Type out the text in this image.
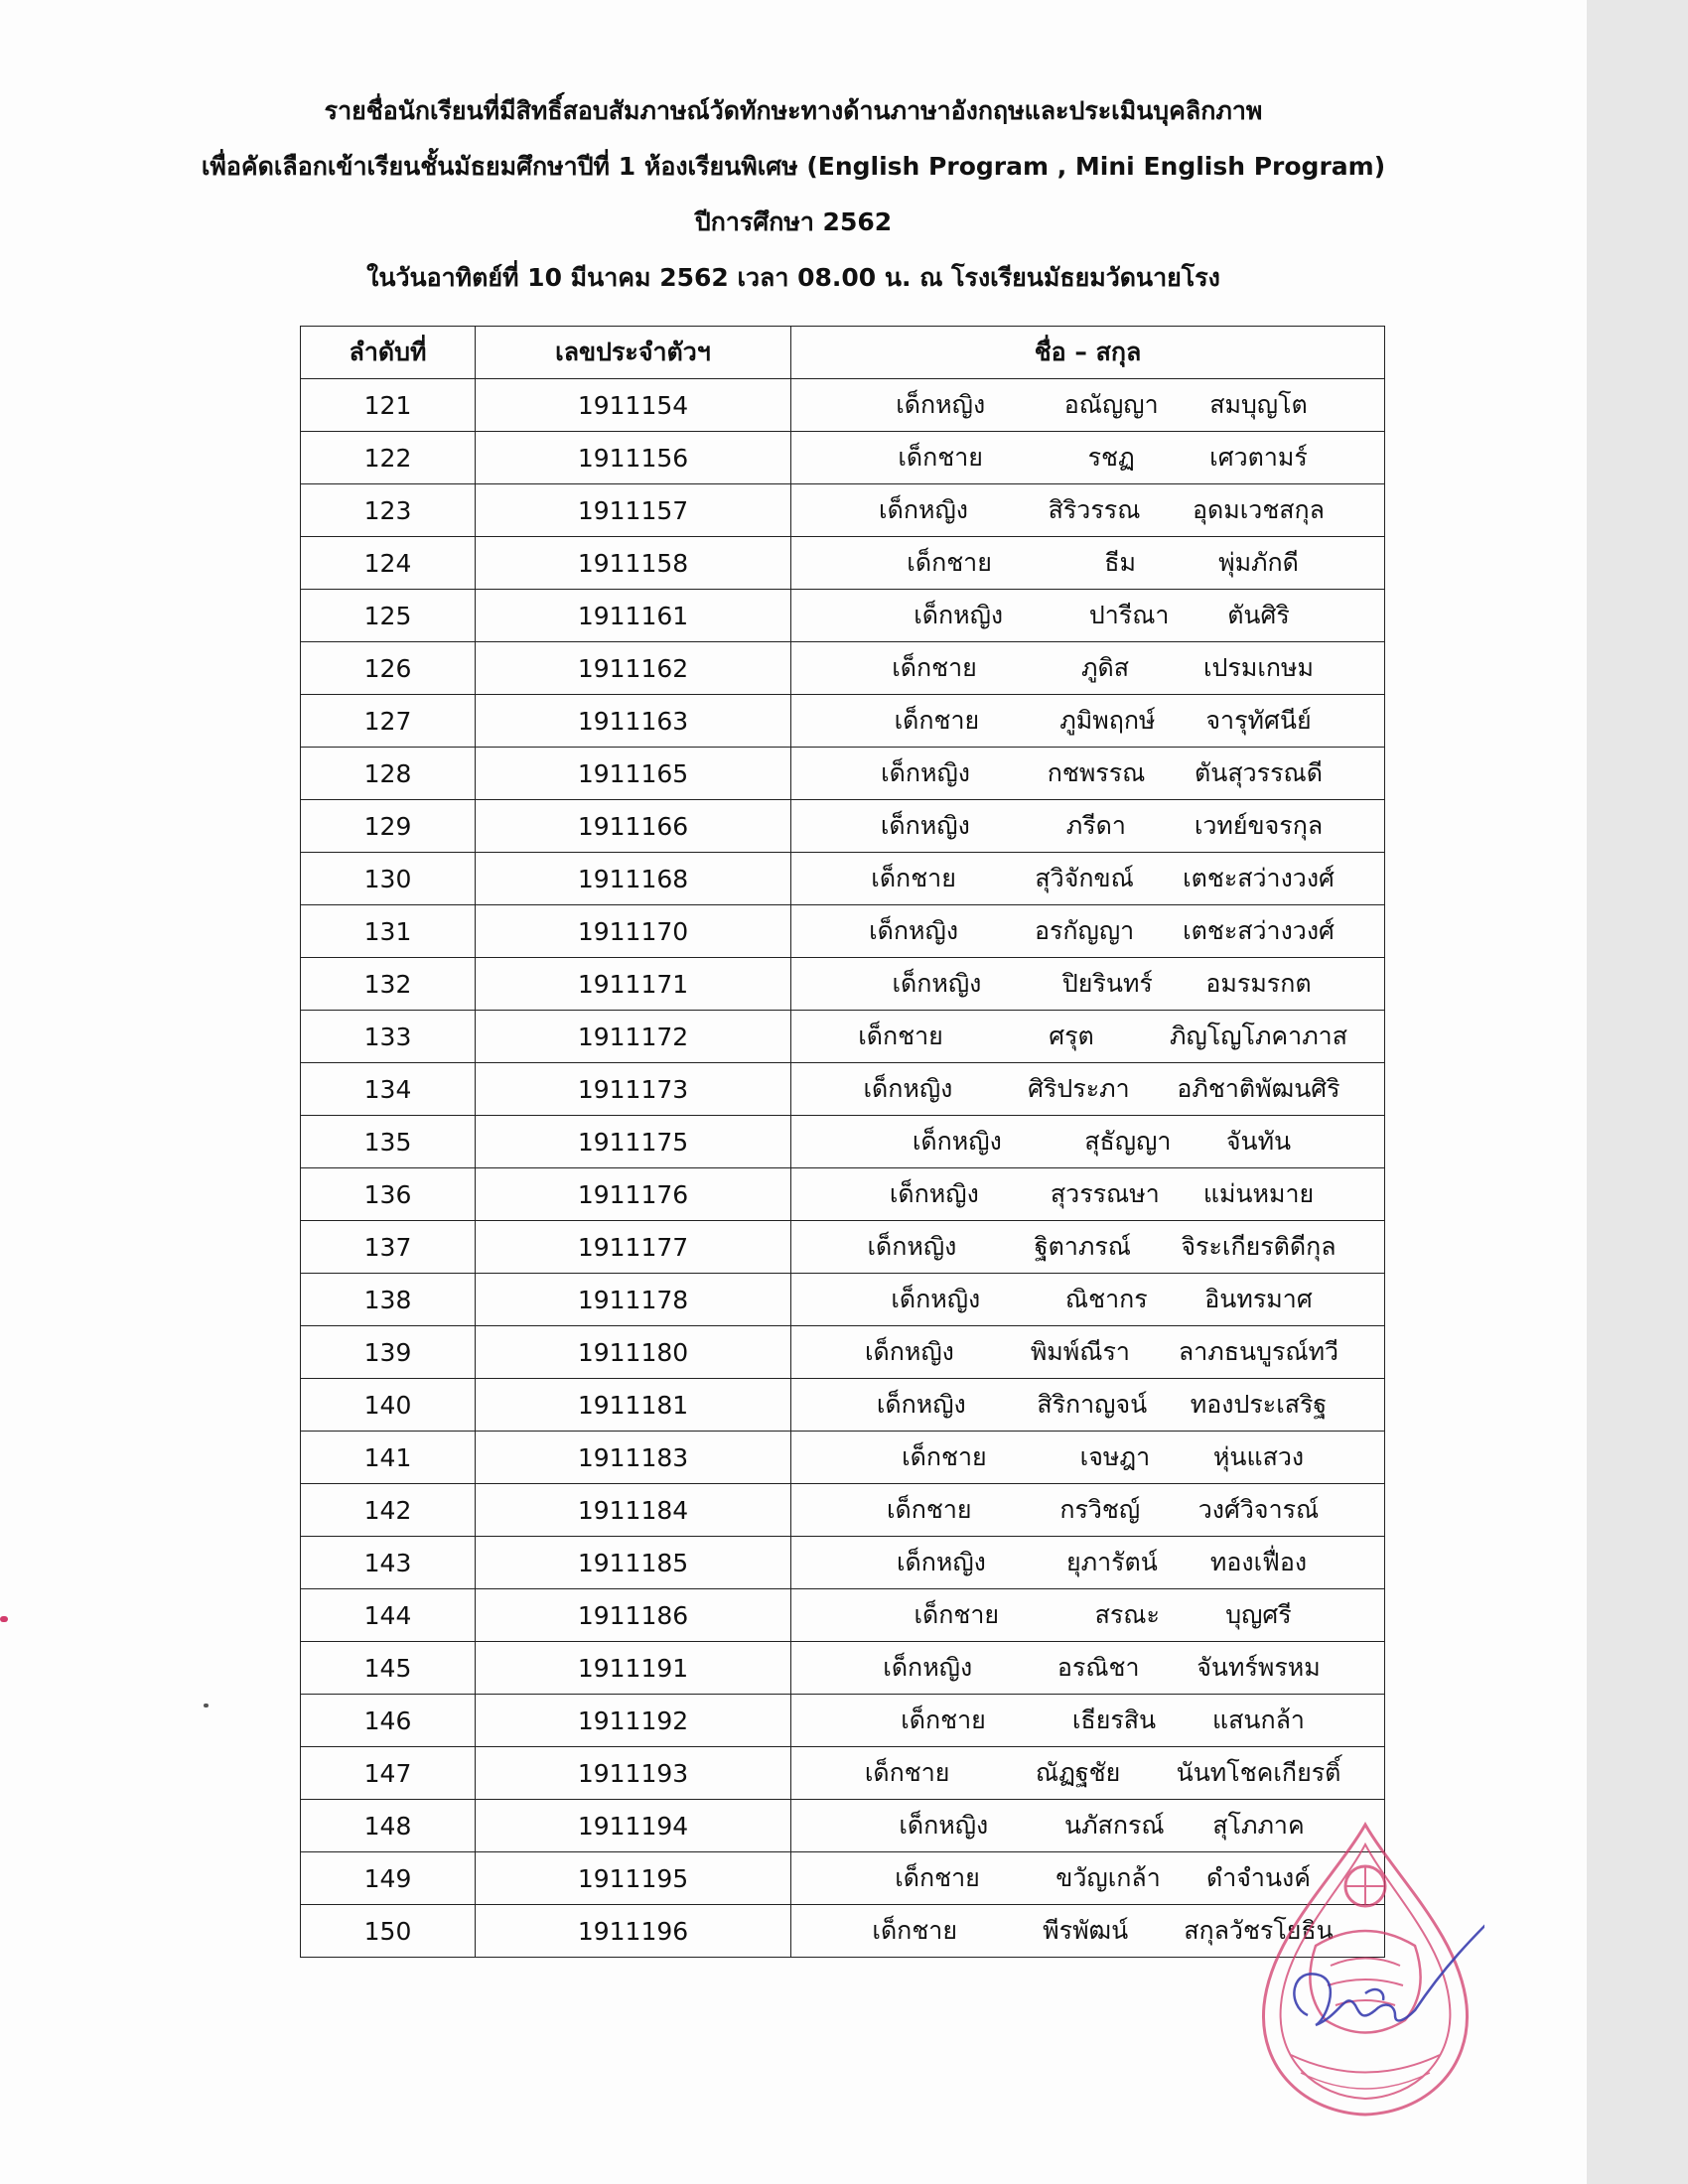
รายชื่อนักเรียนที่มีสิทธิ์สอบสัมภาษณ์วัดทักษะทางด้านภาษาอังกฤษและประเมินบุคลิกภาพ
เพื่อคัดเลือกเข้าเรียนชั้นมัธยมศึกษาปีที่ 1 ห้องเรียนพิเศษ (English Program , Mini English Program)
ปีการศึกษา 2562
ในวันอาทิตย์ที่ 10 มีนาคม 2562 เวลา 08.00 น. ณ โรงเรียนมัธยมวัดนายโรง
ลำดับที่	เลขประจำตัวฯ	ชื่อ – สกุล
121	1911154	เด็กหญิง อณัญญา สมบุญโต
122	1911156	เด็กชาย รชฏ เศวตามร์
123	1911157	เด็กหญิง สิริวรรณ อุดมเวชสกุล
124	1911158	เด็กชาย ธีม พุ่มภักดี
125	1911161	เด็กหญิง ปารีณา ตันศิริ
126	1911162	เด็กชาย ภูดิส เปรมเกษม
127	1911163	เด็กชาย ภูมิพฤกษ์ จารุทัศนีย์
128	1911165	เด็กหญิง กชพรรณ ตันสุวรรณดี
129	1911166	เด็กหญิง ภรีดา เวทย์ขจรกุล
130	1911168	เด็กชาย สุวิจักขณ์ เตชะสว่างวงศ์
131	1911170	เด็กหญิง อรกัญญา เตชะสว่างวงศ์
132	1911171	เด็กหญิง ปิยรินทร์ อมรมรกต
133	1911172	เด็กชาย ศรุต ภิญโญโภคาภาส
134	1911173	เด็กหญิง ศิริประภา อภิชาติพัฒนศิริ
135	1911175	เด็กหญิง สุธัญญา จันทัน
136	1911176	เด็กหญิง สุวรรณษา แม่นหมาย
137	1911177	เด็กหญิง ฐิตาภรณ์ จิระเกียรติดีกุล
138	1911178	เด็กหญิง ณิชากร อินทรมาศ
139	1911180	เด็กหญิง พิมพ์ณีรา ลาภธนบูรณ์ทวี
140	1911181	เด็กหญิง สิริกาญจน์ ทองประเสริฐ
141	1911183	เด็กชาย เจษฎา หุ่นแสวง
142	1911184	เด็กชาย กรวิชญ์ วงศ์วิจารณ์
143	1911185	เด็กหญิง ยุภารัตน์ ทองเฟื่อง
144	1911186	เด็กชาย สรณะ บุญศรี
145	1911191	เด็กหญิง อรณิชา จันทร์พรหม
146	1911192	เด็กชาย เธียรสิน แสนกล้า
147	1911193	เด็กชาย ณัฏฐชัย นันทโชคเกียรติ์
148	1911194	เด็กหญิง นภัสกรณ์ สุโภภาค
149	1911195	เด็กชาย ขวัญเกล้า ดำจำนงค์
150	1911196	เด็กชาย พีรพัฒน์ สกุลวัชรโยธิน
